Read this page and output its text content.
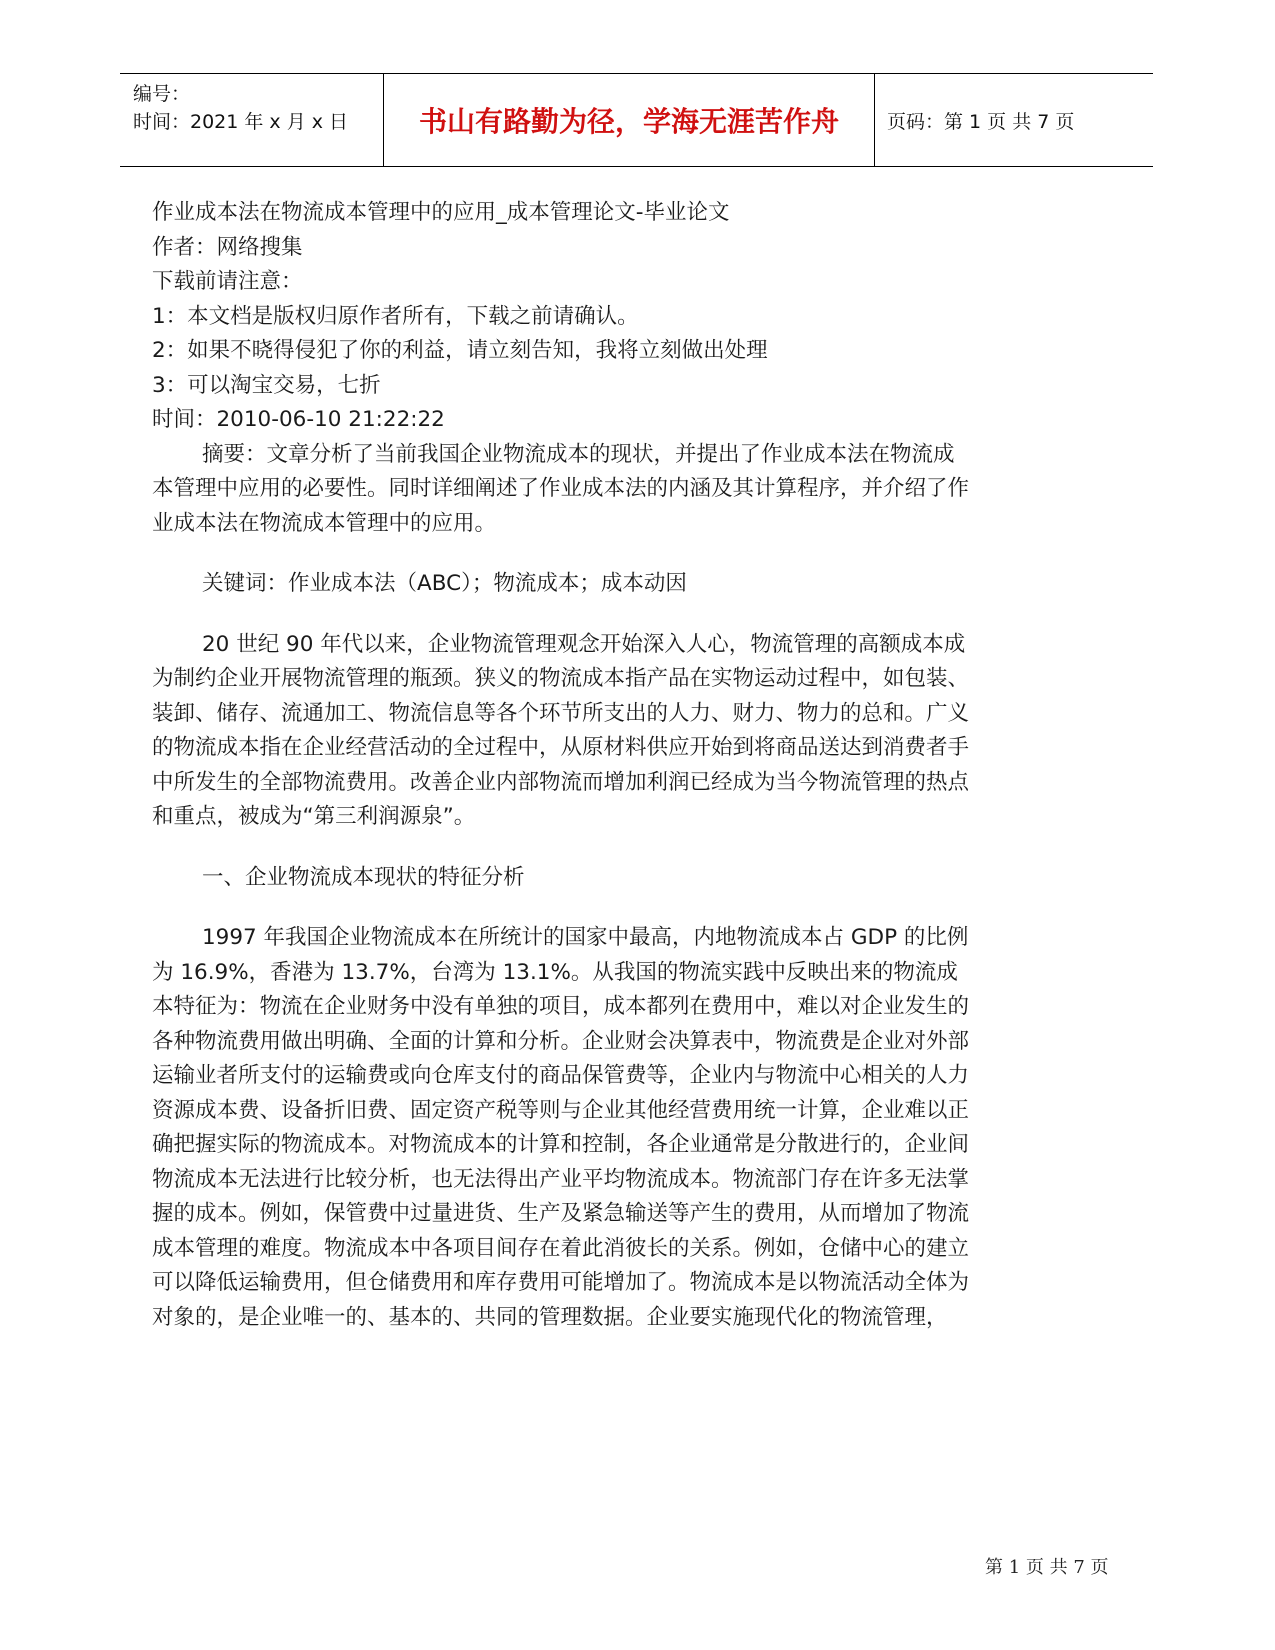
编号：
时间：2021 年 x 月 x 日	书山有路勤为径，学海无涯苦作舟	页码：第 1 页 共 7 页
作业成本法在物流成本管理中的应用_成本管理论文-毕业论文
作者：网络搜集
下载前请注意：
1：本文档是版权归原作者所有，下载之前请确认。
2：如果不晓得侵犯了你的利益，请立刻告知，我将立刻做出处理
3：可以淘宝交易，七折
时间：2010-06-10 21:22:22

摘要：文章分析了当前我国企业物流成本的现状，并提出了作业成本法在物流成本管理中应用的必要性。同时详细阐述了作业成本法的内涵及其计算程序，并介绍了作业成本法在物流成本管理中的应用。

关键词：作业成本法（ABC）；物流成本；成本动因

20 世纪 90 年代以来，企业物流管理观念开始深入人心，物流管理的高额成本成为制约企业开展物流管理的瓶颈。狭义的物流成本指产品在实物运动过程中，如包装、装卸、储存、流通加工、物流信息等各个环节所支出的人力、财力、物力的总和。广义的物流成本指在企业经营活动的全过程中，从原材料供应开始到将商品送达到消费者手中所发生的全部物流费用。改善企业内部物流而增加利润已经成为当今物流管理的热点和重点，被成为“第三利润源泉”。

一、企业物流成本现状的特征分析

1997 年我国企业物流成本在所统计的国家中最高，内地物流成本占 GDP 的比例为 16.9%，香港为 13.7%，台湾为 13.1%。从我国的物流实践中反映出来的物流成本特征为：物流在企业财务中没有单独的项目，成本都列在费用中，难以对企业发生的各种物流费用做出明确、全面的计算和分析。企业财会决算表中，物流费是企业对外部运输业者所支付的运输费或向仓库支付的商品保管费等，企业内与物流中心相关的人力资源成本费、设备折旧费、固定资产税等则与企业其他经营费用统一计算，企业难以正确把握实际的物流成本。对物流成本的计算和控制，各企业通常是分散进行的，企业间物流成本无法进行比较分析，也无法得出产业平均物流成本。物流部门存在许多无法掌握的成本。例如，保管费中过量进货、生产及紧急输送等产生的费用，从而增加了物流成本管理的难度。物流成本中各项目间存在着此消彼长的关系。例如，仓储中心的建立可以降低运输费用，但仓储费用和库存费用可能增加了。物流成本是以物流活动全体为对象的，是企业唯一的、基本的、共同的管理数据。企业要实施现代化的物流管理，

第 1 页 共 7 页
